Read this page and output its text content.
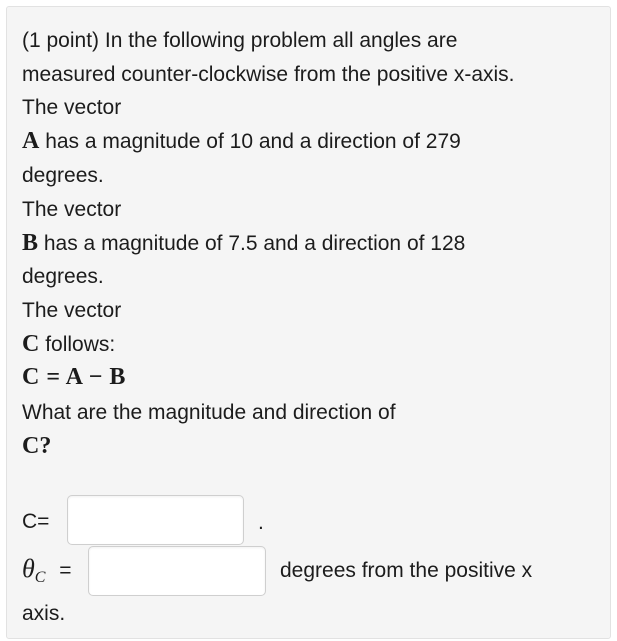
(1 point) In the following problem all angles are
measured counter-clockwise from the positive x-axis.
The vector
A has a magnitude of 10 and a direction of 279
degrees.
The vector
B has a magnitude of 7.5 and a direction of 128
degrees.
The vector
C follows:
C = A − B
What are the magnitude and direction of
C?
C=	.
$\theta_C$ =	degrees from the positive x
axis.
